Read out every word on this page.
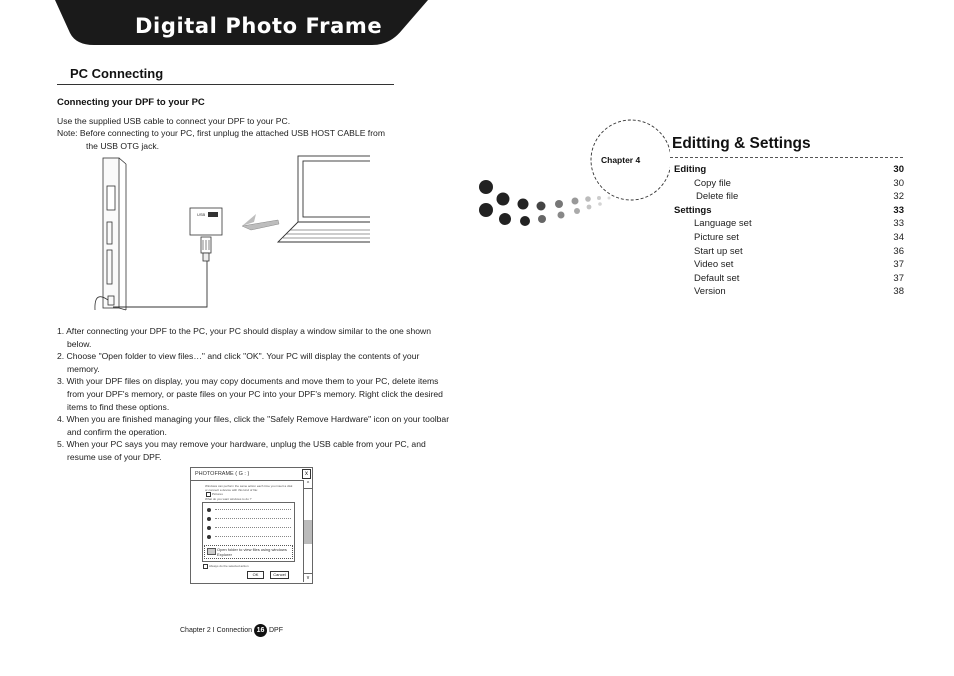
Digital Photo Frame
PC Connecting
Connecting your DPF to your PC
Use the supplied USB cable to connect your DPF to your PC.
Note: Before connecting to your PC, first unplug the attached USB HOST CABLE from
the USB OTG jack.
USB
1. After connecting your DPF to the PC, your PC should display a window similar to the one shown below.
2. Choose "Open folder to view files…" and click "OK". Your PC will display the contents of your memory.
3. With your DPF files on display, you may copy documents and move them to your PC, delete items from your DPF's memory, or paste files on your PC into your DPF's memory. Right click the desired items to find these options.
4. When you are finished managing your files, click the "Safely Remove Hardware" icon on your toolbar and confirm the operation.
5. When your PC says you may remove your hardware, unplug the USB cable from your PC, and resume use of your DPF.
PHOTOFRAME ( G : )	x
Windows can perform the same action each time you insert a disk
or connect a device with this kind of file:
Pictures
What do you want windows to do ?
Open folder to view files using windows Explorer
Always do the selected action
OK	Cancel
^
v
Chapter 2 I Connection 16 DPF
Chapter 4
Editting & Settings
Editing	30
Copy file	30
Delete file	32
Settings	33
Language set	33
Picture set	34
Start up set	36
Video set	37
Default set	37
Version	38
